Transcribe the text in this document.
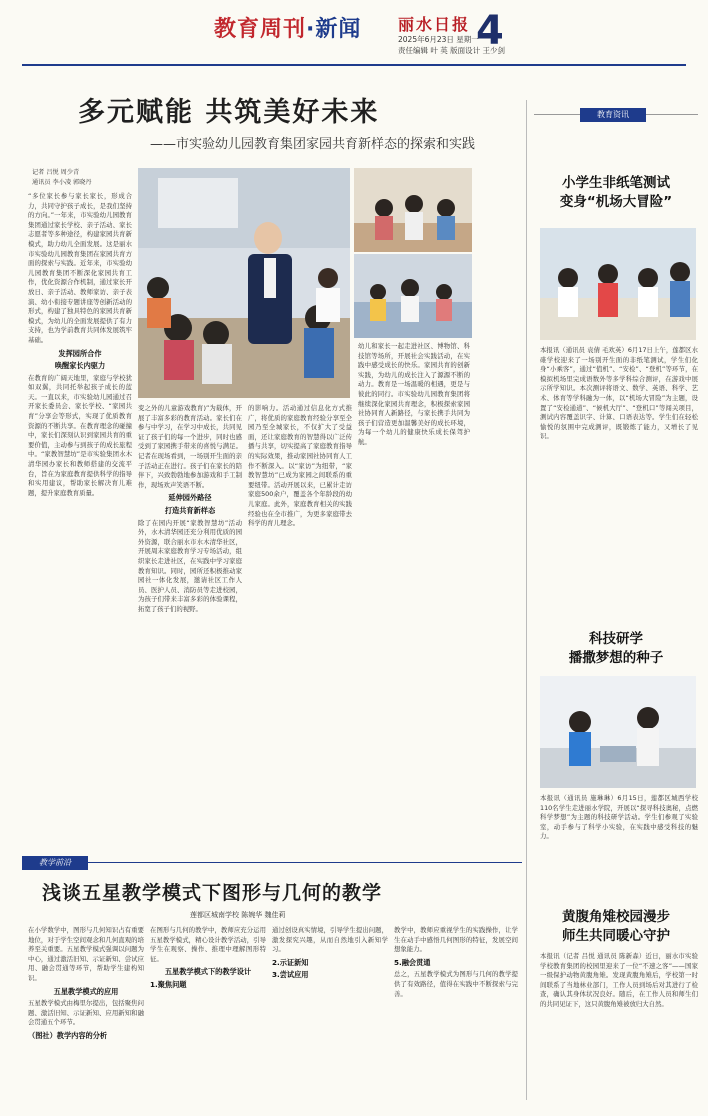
教育周刊·新闻 丽水日报
2025年6月23日 星期一
责任编辑 叶 英 版面设计 王少剑
4
多元赋能 共筑美好未来
——市实验幼儿园教育集团家园共育新样态的探索和实践
记者 吕悦 周少青
通讯员 李小凌 郭晓丹
“多位家长参与家长家长，形成合力，共同守护孩子成长，是我们坚持的方向。”一年来，市实验幼儿园教育集团通过家长学校、亲子活动、家长志愿者等多种途径，构建家园共育新模式，助力幼儿全面发展。这是丽水市实验幼儿园教育集团在家园共育方面的探索与实践。近年来，市实验幼儿园教育集团不断深化家园共育工作，优化资源合作机制，通过家长开放日、亲子活动、教师家访、亲子表演、幼小衔接专题讲座等创新活动的形式，构建了独具特色的家园共育新模式，为幼儿的全面发展提供了有力支持，也为学前教育共同体发展筑牢基础。
发挥园所合作
唤醒家长内驱力
在教育的广阔天地里，家庭与学校犹如双翼，共同托举起孩子成长的蓝天。一直以来，市实验幼儿园通过召开家长委员会、家长学校、“家园共育”分享会等形式，实现了优质教育资源的不断共享。在教育理念的碰撞中，家长们深刻认识到家园共育的重要价值，主动参与到孩子的成长旅程中。“家教智慧坊”是市实验集团水木清华园办家长和教师搭建的交流平台，旨在为家庭教育提供科学的指导和实用建议，帮助家长解决育儿难题，提升家庭教育质量。
变之外的儿童游戏教育)”为载体，开展了丰富多彩的教育活动。家长们在参与中学习，在学习中成长，共同见证了孩子们的每一个进步，同时也感受到了家园携手带来的喜悦与满足。记者在现场看到，一场别开生面的亲子活动正在进行。孩子们在家长的陪伴下，兴致勃勃地参加游戏和手工制作，现场欢声笑语不断。
延伸园外路径
打造共育新样态
除了在园内开展“家教智慧坊”活动外，水木清华园还充分利用优质的园外资源，联合丽水市水木清华社区，开展周末家庭教育学习专场活动，组织家长走进社区，在实践中学习家庭教育知识。同时，园所还积极推动家园社一体化发展，邀请社区工作人员、医护人员、消防员等走进校园，为孩子们带来丰富多彩的体验课程，拓宽了孩子们的视野。
的影响力。活动通过信息化方式推广，将优质的家庭教育经验分享至全园乃至全城家长，不仅扩大了受益面，还让家庭教育的智慧得以广泛传播与共享，切实提高了家庭教育指导的实际效果，推动家园社协同育人工作不断深入。以“家访”为纽带，“家教智慧坊”已成为家园之间联系的重要纽带。活动开展以来，已累计走访家庭500余户，覆盖各个年龄段的幼儿家庭。此外，家庭教育相关的实践经验也在全市推广，为更多家庭带去科学的育儿理念。
幼儿和家长一起走进社区、博物馆、科技馆等场所，开展社会实践活动，在实践中感受成长的快乐。家园共育的创新实践，为幼儿的成长注入了源源不断的动力。教育是一场温暖的相遇，更是与彼此的同行。市实验幼儿园教育集团将继续深化家园共育理念，积极探索家园社协同育人新路径，与家长携手共同为孩子们营造更加温馨美好的成长环境，为每一个幼儿的健康快乐成长保驾护航。
教育资讯
小学生非纸笔测试
变身“机场大冒险”
本报讯（通讯员 袁倩 毛欢英）6月17日上午，莲都区水碓学校迎来了一场别开生面的非纸笔测试，学生们化身“小乘客”，通过“值机”、“安检”、“登机”等环节，在模拟机场里完成语数外等多学科综合测评，在游戏中展示所学知识。本次测评将语文、数学、英语、科学、艺术、体育等学科融为一体，以“机场大冒险”为主题，设置了“安检通道”、“候机大厅”、“登机口”等闯关项目，测试内容覆盖识字、计算、口语表达等。学生们在轻松愉悦的氛围中完成测评，既锻炼了能力，又增长了见识。
科技研学
播撒梦想的种子
本报讯（通讯员 施琳琳）6月15日，莲都区城西学校110名学生走进丽水学院，开展以“探寻科技奥秘，点燃科学梦想”为主题的科技研学活动。学生们参观了实验室，动手参与了科学小实验，在实践中感受科技的魅力。
黄腹角雉校园漫步
师生共同暖心守护
本报讯（记者 吕悦 通讯员 陈新森）近日，丽水市实验学校教育集团的校园里迎来了一位“不速之客”——国家一级保护动物黄腹角雉。发现黄腹角雉后，学校第一时间联系了当地林业部门，工作人员到场后对其进行了检查，确认其身体状况良好。随后，在工作人员和师生们的共同见证下，这只黄腹角雉被放归大自然。
教学前沿
浅谈五星教学模式下图形与几何的教学
莲都区城南学校 陈婉华 魏佳莉
在小学数学中，图形与几何知识占有重要地位，对于学生空间观念和几何直观的培养至关重要。五星教学模式强调以问题为中心，通过激活旧知、示证新知、尝试应用、融会贯通等环节，帮助学生建构知识。
五星教学模式的应用
五星教学模式由梅里尔提出，包括聚焦问题、激活旧知、示证新知、应用新知和融会贯通五个环节。
（图社）教学内容的分析
在图形与几何的教学中，教师应充分运用五星教学模式，精心设计教学活动，引导学生在观察、操作、推理中理解图形特征。
五星教学模式下的教学设计
1.聚焦问题
通过创设真实情境，引导学生提出问题，激发探究兴趣，从而自然地引入新知学习。
2.示证新知
3.尝试应用
教学中，教师应重视学生的实践操作，让学生在动手中感悟几何图形的特征，发展空间想象能力。
5.融会贯通
总之，五星教学模式为图形与几何的教学提供了有效路径，值得在实践中不断探索与完善。
